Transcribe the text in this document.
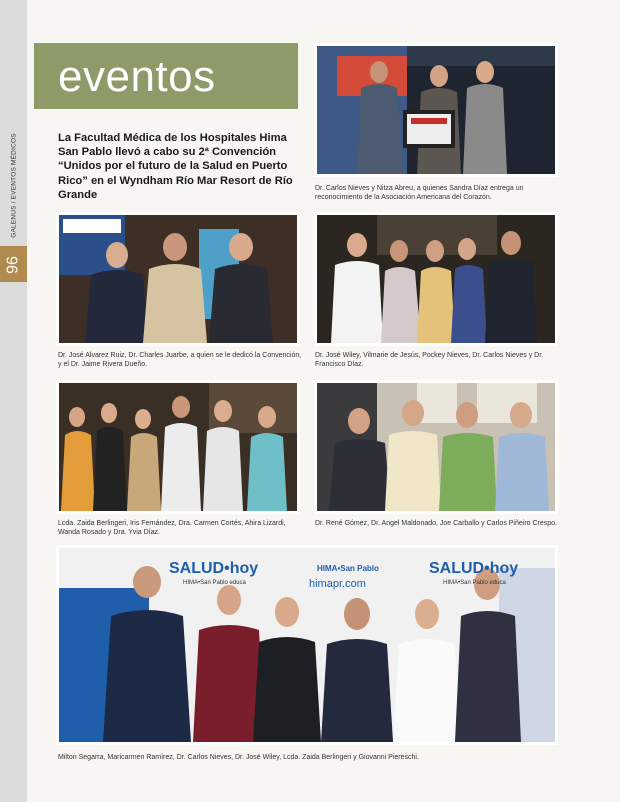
GALENUS / EVENTOS MÉDICOS
96
eventos
La Facultad Médica de los Hospitales Hima San Pablo llevó a cabo su 2ª Convención “Unidos por el futuro de la Salud en Puerto Rico” en el Wyndham Río Mar Resort de Río Grande
Dr. Carlos Nieves y Nitza Abreu, a quienes Sandra Díaz entrega un reconocimiento de la Asociación Americana del Corazón.
Dr. José Alvarez Ruiz, Dr. Charles Juarbe, a quien se le dedicó la Convención, y el Dr. Jaime Rivera Dueño.
Dr. José Wiley, Vilmarie de Jesús, Pockey Nieves, Dr. Carlos Nieves y Dr. Francisco Díaz.
Lcda. Zaida Berlingeri, Iris Fernández, Dra. Carmen Cortés, Ahira Lizardi, Wanda Rosado y Dra. Yvia Díaz.
Dr. René Gómez, Dr. Angel Maldonado, Joe Carballo y Carlos Piñeiro Crespo.
SALUD•hoy
HIMA•San Pablo educa
HIMA•San Pablo
himapr.com
SALUD•hoy
HIMA•San Pablo educa
Milton Segarra, Maricarmen Ramírez, Dr. Carlos Nieves, Dr. José Wiley, Lcda. Zaida Berlingeri y Giovanni Piereschi.
